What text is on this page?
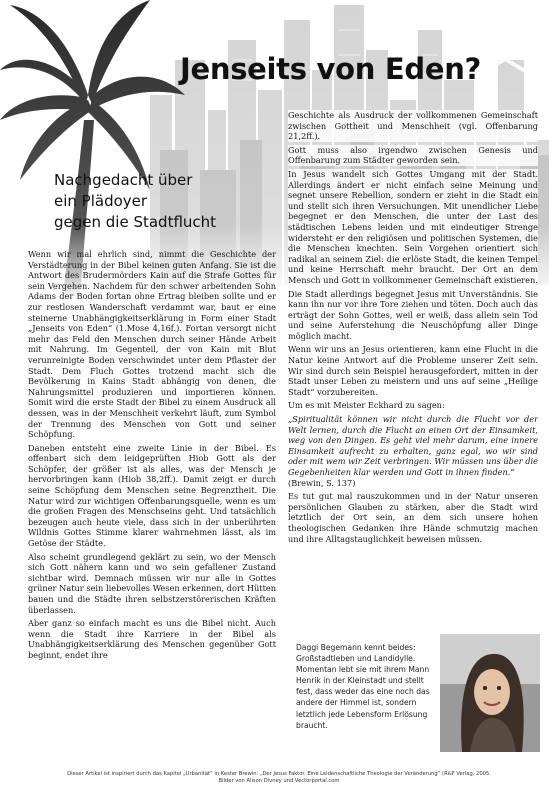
Jenseits von Eden?
Nachgedacht über
ein Plädoyer
gegen die Stadtflucht

Wenn wir mal ehrlich sind, nimmt die Geschichte der Verstädterung in der Bibel keinen guten Anfang. Sie ist die Antwort des Brudermörders Kain auf die Strafe Gottes für sein Vergehen. Nachdem für den schwer arbeitenden Sohn Adams der Boden fortan ohne Ertrag bleiben sollte und er zur restlosen Wanderschaft verdammt war, baut er eine steinerne Unabhängigkeitserklärung in Form einer Stadt „Jenseits von Eden“ (1.Mose 4,16f.). Fortan versorgt nicht mehr das Feld den Menschen durch seiner Hände Arbeit mit Nahrung. Im Gegenteil, der von Kain mit Blut verunreinigte Boden verschwindet unter dem Pflaster der Stadt. Dem Fluch Gottes trotzend macht sich die Bevölkerung in Kains Stadt abhängig von denen, die Nahrungsmittel produzieren und importieren können. Somit wird die erste Stadt der Bibel zu einem Ausdruck all dessen, was in der Menschheit verkehrt läuft, zum Symbol der Trennung des Menschen von Gott und seiner Schöpfung.

Daneben entsteht eine zweite Linie in der Bibel. Es offenbart sich dem leidgeprüften Hiob Gott als der Schöpfer, der größer ist als alles, was der Mensch je hervorbringen kann (Hiob 38,2ff.). Damit zeigt er durch seine Schöpfung dem Menschen seine Begrenztheit. Die Natur wird zur wichtigen Offenbarungsquelle, wenn es um die großen Fragen des Menschseins geht. Und tatsächlich bezeugen auch heute viele, dass sich in der unberührten Wildnis Gottes Stimme klarer wahrnehmen lässt, als im Getöse der Städte.

Also scheint grundlegend geklärt zu sein, wo der Mensch sich Gott nähern kann und wo sein gefallener Zustand sichtbar wird. Demnach müssen wir nur alle in Gottes grüner Natur sein liebevolles Wesen erkennen, dort Hütten bauen und die Städte ihren selbstzerstörerischen Kräften überlassen.

Aber ganz so einfach macht es uns die Bibel nicht. Auch wenn die Stadt ihre Karriere in der Bibel als Unabhängigkeitserklärung des Menschen gegenüber Gott beginnt, endet ihre

Geschichte als Ausdruck der vollkommenen Gemeinschaft zwischen Gottheit und Menschheit (vgl. Offenbarung 21,2ff.).

Gott muss also irgendwo zwischen Genesis und Offenbarung zum Städter geworden sein.

In Jesus wandelt sich Gottes Umgang mit der Stadt. Allerdings ändert er nicht einfach seine Meinung und segnet unsere Rebellion, sondern er zieht in die Stadt ein und stellt sich ihren Versuchungen. Mit unendlicher Liebe begegnet er den Menschen, die unter der Last des städtischen Lebens leiden und mit eindeutiger Strenge widersteht er den religiösen und politischen Systemen, die die Menschen knechten. Sein Vorgehen orientiert sich radikal an seinem Ziel: die erlöste Stadt, die keinen Tempel und keine Herrschaft mehr braucht. Der Ort an dem Mensch und Gott in vollkommener Gemeinschaft existieren.

Die Stadt allerdings begegnet Jesus mit Unverständnis. Sie kann ihn nur vor ihre Tore ziehen und töten. Doch auch das erträgt der Sohn Gottes, weil er weiß, dass allein sein Tod und seine Auferstehung die Neuschöpfung aller Dinge möglich macht.

Wenn wir uns an Jesus orientieren, kann eine Flucht in die Natur keine Antwort auf die Probleme unserer Zeit sein. Wir sind durch sein Beispiel herausgefordert, mitten in der Stadt unser Leben zu meistern und uns auf seine „Heilige Stadt“ vorzubereiten.

Um es mit Meister Eckhard zu sagen:

„Spiritualität können wir nicht durch die Flucht vor der Welt lernen, durch die Flucht an einen Ort der Einsamkeit, weg von den Dingen. Es geht viel mehr darum, eine innere Einsamkeit aufrecht zu erhalten, ganz egal, wo wir sind oder mit wem wir Zeit verbringen. Wir müssen uns über die Gegebenheiten klar werden und Gott in ihnen finden.“
(Brewin, S. 137)

Es tut gut mal rauszukommen und in der Natur unseren persönlichen Glauben zu stärken, aber die Stadt wird letztlich der Ort sein, an dem sich unsere hohen theologischen Gedanken ihre Hände schmutzig machen und ihre Alltagstauglichkeit beweisen müssen.

Daggi Begemann kennt beides: Großstadtleben und Landidylle. Momentan lebt sie mit ihrem Mann Henrik in der Kleinstadt und stellt fest, dass weder das eine noch das andere der Himmel ist, sondern letztlich jede Lebensform Erlösung braucht.
Dieser Artikel ist inspiriert durch das Kapitel „Urbanität“ in Kester Brewin: „Der Jesus Faktor. Eine Leidenschaftliche Theologie der Veränderung“ (R&F Verlag, 2005.
Bilder von Alison Divney und Vectorportal.com
